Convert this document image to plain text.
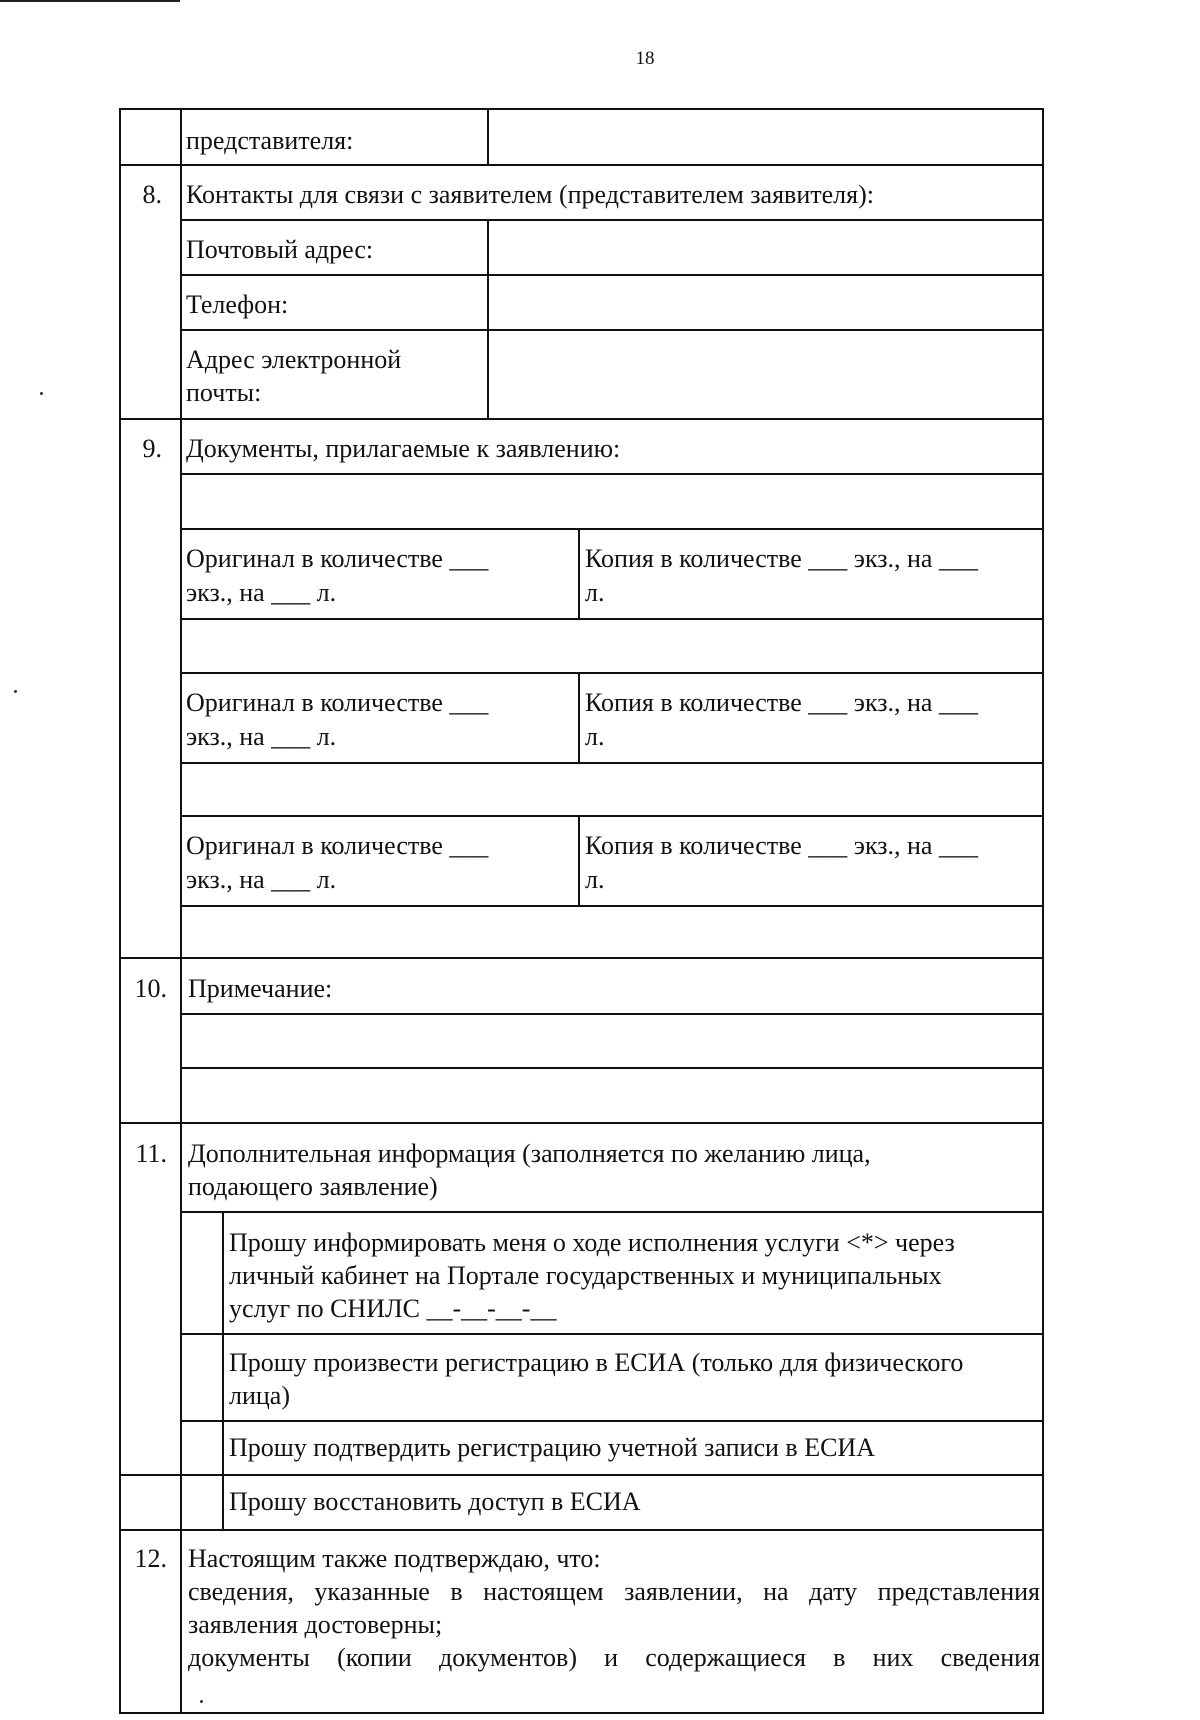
18
представителя:
8. Контакты для связи с заявителем (представителем заявителя):
Почтовый адрес:
Телефон:
Адрес электронной
почты:
9. Документы, прилагаемые к заявлению:
Оригинал в количестве ___
экз., на ___ л.
Копия в количестве ___ экз., на ___
л.
Оригинал в количестве ___
экз., на ___ л.
Копия в количестве ___ экз., на ___
л.
Оригинал в количестве ___
экз., на ___ л.
Копия в количестве ___ экз., на ___
л.
10. Примечание:
11. Дополнительная информация (заполняется по желанию лица,
подающего заявление)
Прошу информировать меня о ходе исполнения услуги <*> через
личный кабинет на Портале государственных и муниципальных
услуг по СНИЛС __-__-__-__
Прошу произвести регистрацию в ЕСИА (только для физического
лица)
Прошу подтвердить регистрацию учетной записи в ЕСИА
Прошу восстановить доступ в ЕСИА
12. Настоящим также подтверждаю, что:
сведения, указанные в настоящем заявлении, на дату представления
заявления достоверны;
документы (копии документов) и содержащиеся в них сведения
